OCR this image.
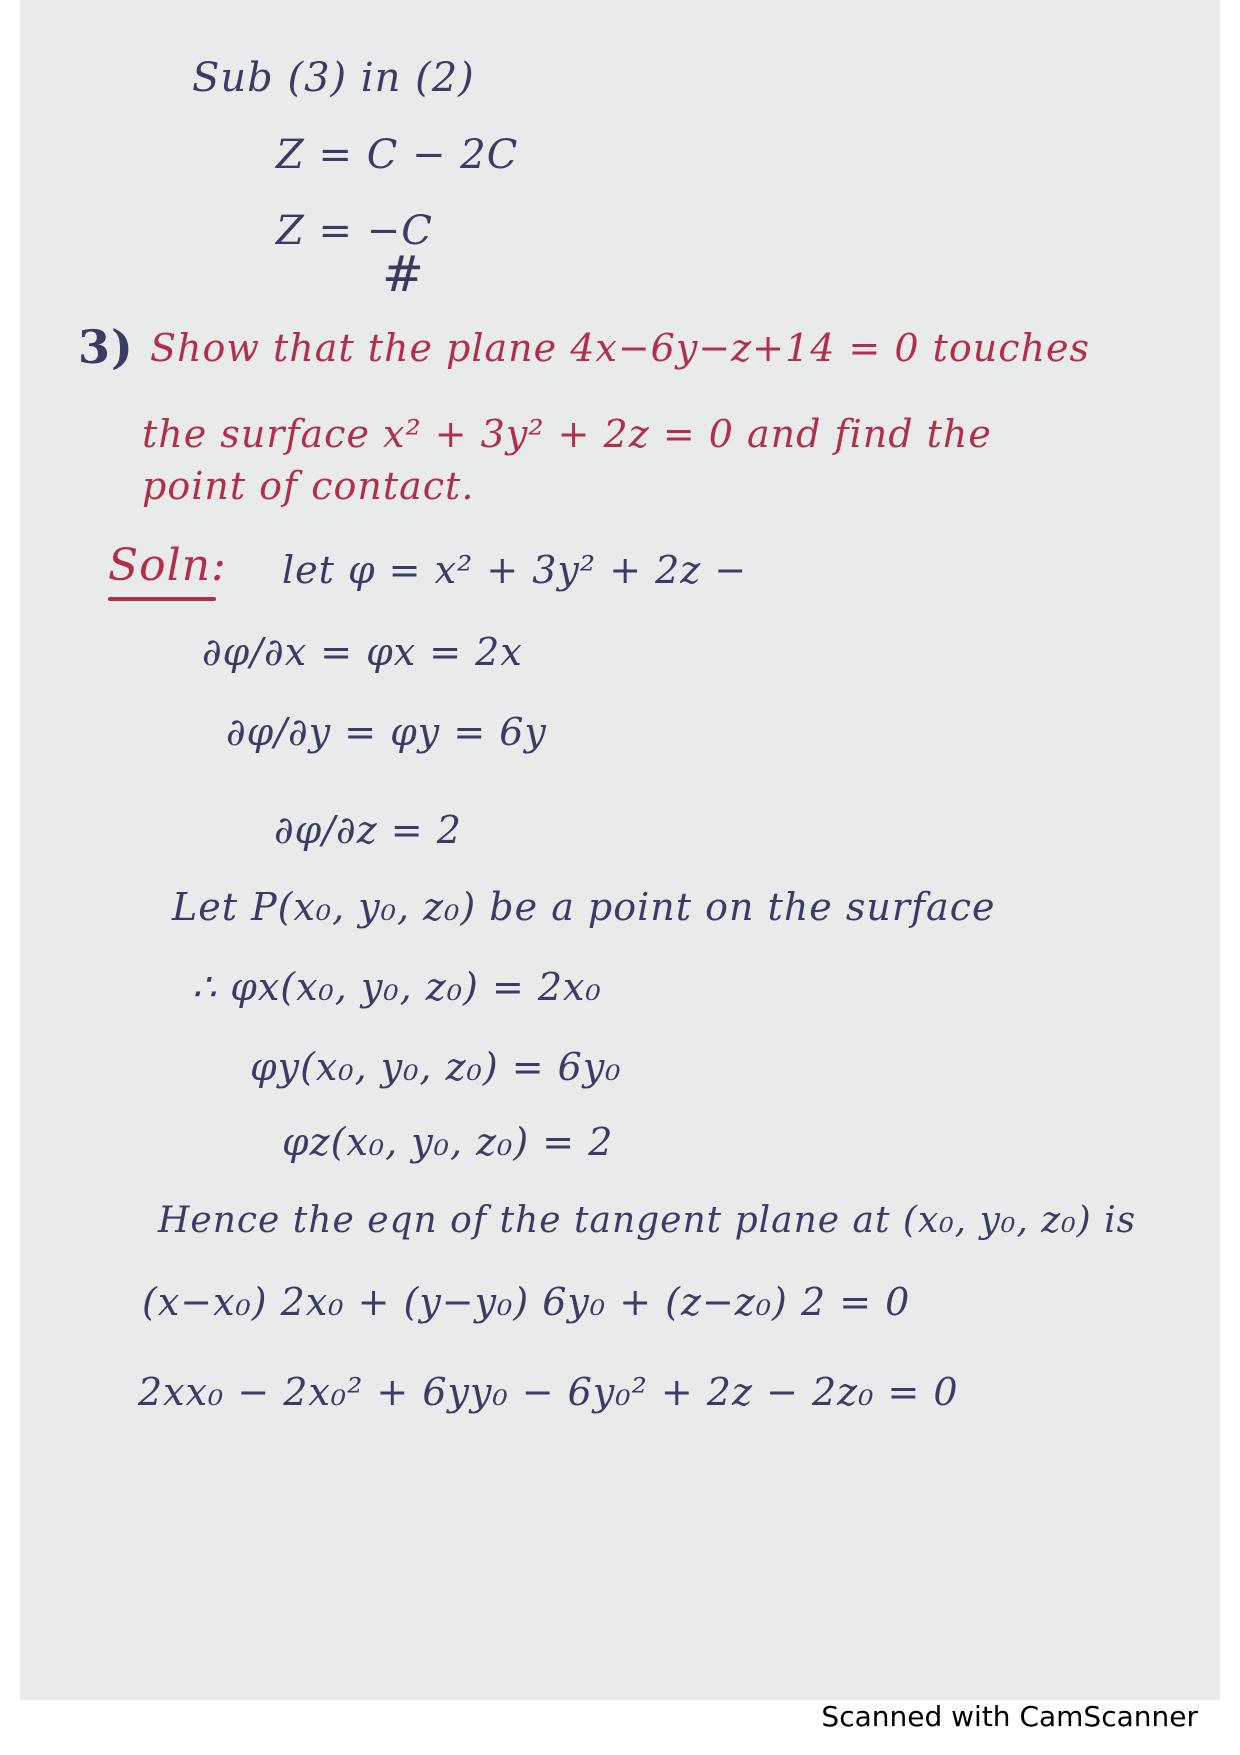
Sub (3) in (2)
Z = C − 2C
Z = −C
#
3) Show that the plane 4x−6y−z+14 = 0 touches
the surface x² + 3y² + 2z = 0 and find the
point of contact.
Soln: let φ = x² + 3y² + 2z −
∂φ/∂x = φx = 2x
∂φ/∂y = φy = 6y
∂φ/∂z = 2
Let P(x₀, y₀, z₀) be a point on the surface
∴ φx(x₀, y₀, z₀) = 2x₀
φy(x₀, y₀, z₀) = 6y₀
φz(x₀, y₀, z₀) = 2
Hence the eqn of the tangent plane at (x₀, y₀, z₀) is
(x−x₀) 2x₀ + (y−y₀) 6y₀ + (z−z₀) 2 = 0
2xx₀ − 2x₀² + 6yy₀ − 6y₀² + 2z − 2z₀ = 0
Scanned with CamScanner
